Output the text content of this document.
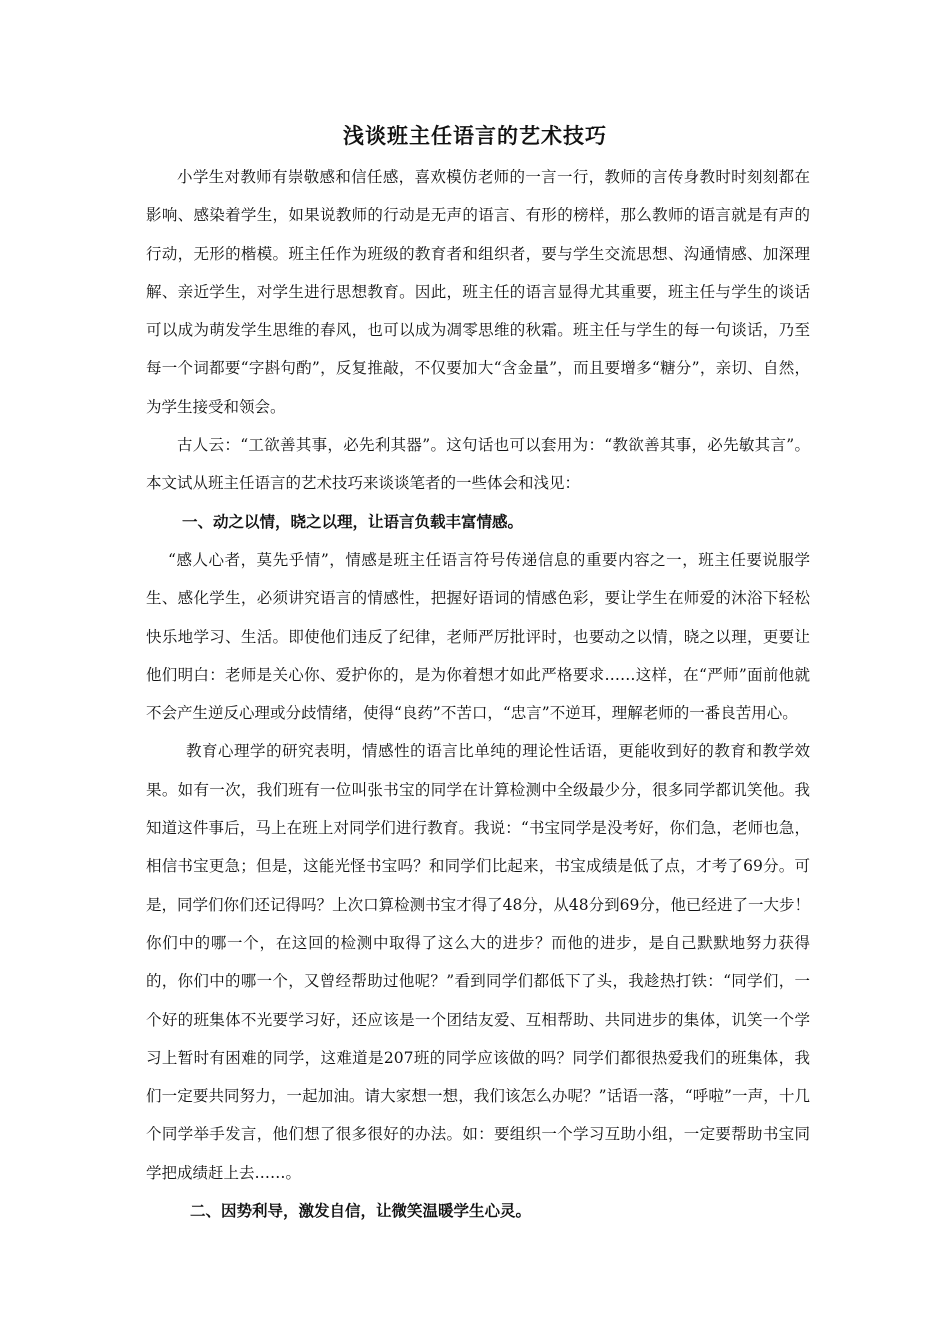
浅谈班主任语言的艺术技巧

小学生对教师有崇敬感和信任感，喜欢模仿老师的一言一行，教师的言传身教时时刻刻都在影响、感染着学生，如果说教师的行动是无声的语言、有形的榜样，那么教师的语言就是有声的行动，无形的楷模。班主任作为班级的教育者和组织者，要与学生交流思想、沟通情感、加深理解、亲近学生，对学生进行思想教育。因此，班主任的语言显得尤其重要，班主任与学生的谈话可以成为萌发学生思维的春风，也可以成为凋零思维的秋霜。班主任与学生的每一句谈话，乃至每一个词都要“字斟句酌”，反复推敲，不仅要加大“含金量”，而且要增多“糖分”，亲切、自然，为学生接受和领会。

古人云：“工欲善其事，必先利其器”。这句话也可以套用为：“教欲善其事，必先敏其言”。本文试从班主任语言的艺术技巧来谈谈笔者的一些体会和浅见：

一、动之以情，晓之以理，让语言负载丰富情感。

“感人心者，莫先乎情”，情感是班主任语言符号传递信息的重要内容之一，班主任要说服学生、感化学生，必须讲究语言的情感性，把握好语词的情感色彩，要让学生在师爱的沐浴下轻松快乐地学习、生活。即使他们违反了纪律，老师严厉批评时，也要动之以情，晓之以理，更要让他们明白：老师是关心你、爱护你的，是为你着想才如此严格要求……这样，在“严师”面前他就不会产生逆反心理或分歧情绪，使得“良药”不苦口，“忠言”不逆耳，理解老师的一番良苦用心。

教育心理学的研究表明，情感性的语言比单纯的理论性话语，更能收到好的教育和教学效果。如有一次，我们班有一位叫张书宝的同学在计算检测中全级最少分，很多同学都讥笑他。我知道这件事后，马上在班上对同学们进行教育。我说：“书宝同学是没考好，你们急，老师也急，相信书宝更急；但是，这能光怪书宝吗？和同学们比起来，书宝成绩是低了点，才考了69分。可是，同学们你们还记得吗？上次口算检测书宝才得了48分，从48分到69分，他已经进了一大步！你们中的哪一个，在这回的检测中取得了这么大的进步？而他的进步，是自己默默地努力获得的，你们中的哪一个，又曾经帮助过他呢？”看到同学们都低下了头，我趁热打铁：“同学们，一个好的班集体不光要学习好，还应该是一个团结友爱、互相帮助、共同进步的集体，讥笑一个学习上暂时有困难的同学，这难道是207班的同学应该做的吗？同学们都很热爱我们的班集体，我们一定要共同努力，一起加油。请大家想一想，我们该怎么办呢？”话语一落，“呼啦”一声，十几个同学举手发言，他们想了很多很好的办法。如：要组织一个学习互助小组，一定要帮助书宝同学把成绩赶上去……。

二、因势利导，激发自信，让微笑温暖学生心灵。
